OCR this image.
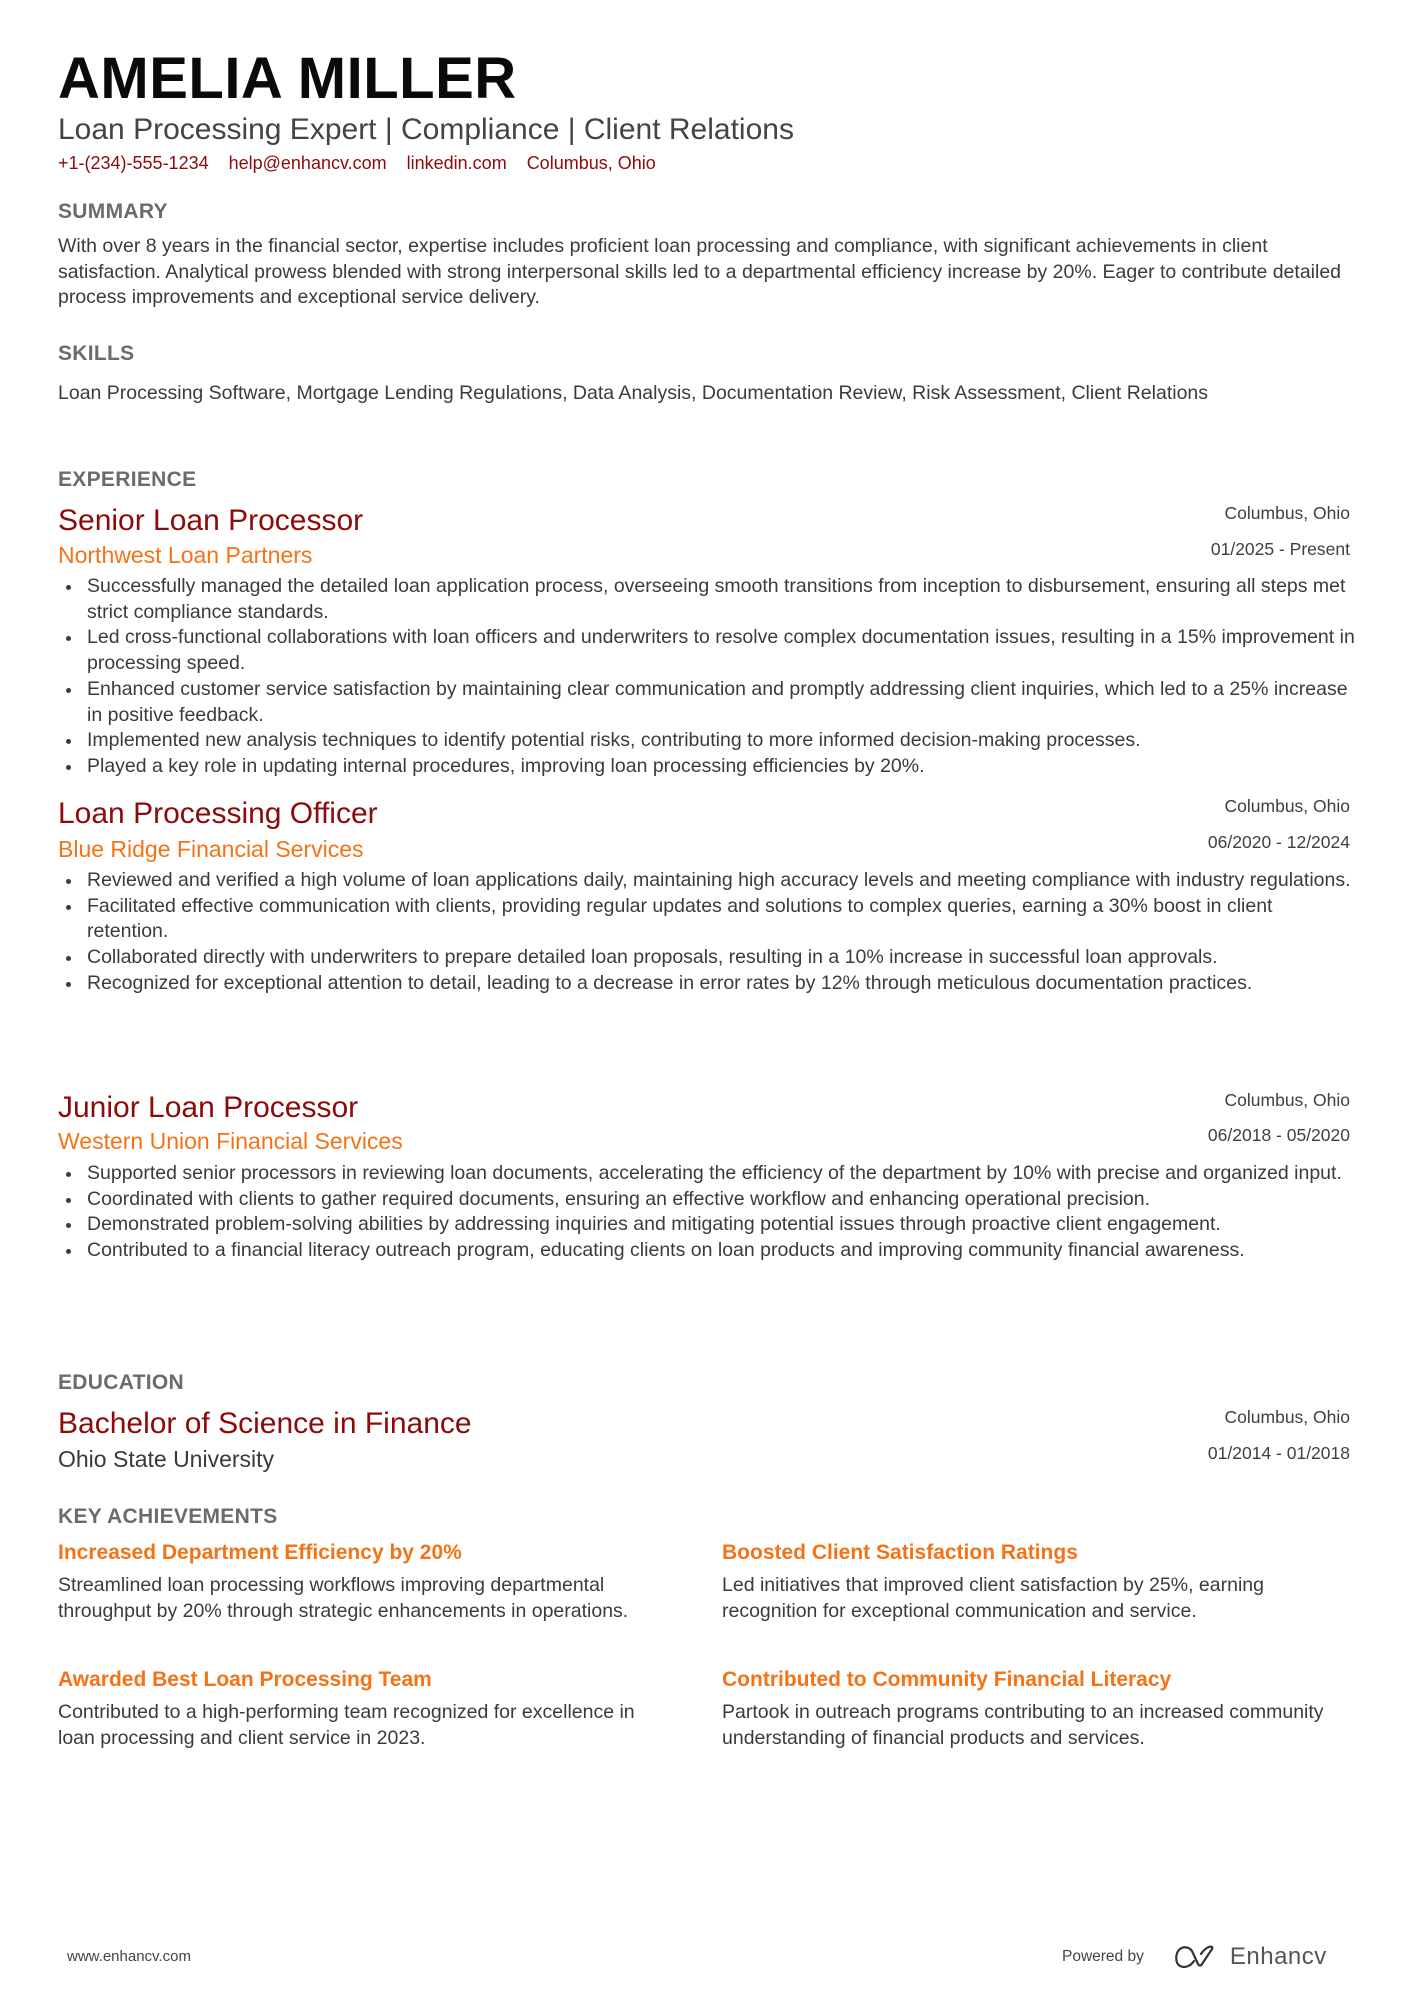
AMELIA MILLER
Loan Processing Expert | Compliance | Client Relations
+1-(234)-555-1234 help@enhancv.com linkedin.com Columbus, Ohio
SUMMARY
With over 8 years in the financial sector, expertise includes proficient loan processing and compliance, with significant achievements in client satisfaction. Analytical prowess blended with strong interpersonal skills led to a departmental efficiency increase by 20%. Eager to contribute detailed process improvements and exceptional service delivery.
SKILLS
Loan Processing Software, Mortgage Lending Regulations, Data Analysis, Documentation Review, Risk Assessment, Client Relations
EXPERIENCE
Senior Loan Processor
Northwest Loan Partners
Columbus, Ohio
01/2025 - Present
Successfully managed the detailed loan application process, overseeing smooth transitions from inception to disbursement, ensuring all steps met strict compliance standards.
Led cross-functional collaborations with loan officers and underwriters to resolve complex documentation issues, resulting in a 15% improvement in processing speed.
Enhanced customer service satisfaction by maintaining clear communication and promptly addressing client inquiries, which led to a 25% increase in positive feedback.
Implemented new analysis techniques to identify potential risks, contributing to more informed decision-making processes.
Played a key role in updating internal procedures, improving loan processing efficiencies by 20%.
Loan Processing Officer
Blue Ridge Financial Services
Columbus, Ohio
06/2020 - 12/2024
Reviewed and verified a high volume of loan applications daily, maintaining high accuracy levels and meeting compliance with industry regulations.
Facilitated effective communication with clients, providing regular updates and solutions to complex queries, earning a 30% boost in client retention.
Collaborated directly with underwriters to prepare detailed loan proposals, resulting in a 10% increase in successful loan approvals.
Recognized for exceptional attention to detail, leading to a decrease in error rates by 12% through meticulous documentation practices.
Junior Loan Processor
Western Union Financial Services
Columbus, Ohio
06/2018 - 05/2020
Supported senior processors in reviewing loan documents, accelerating the efficiency of the department by 10% with precise and organized input.
Coordinated with clients to gather required documents, ensuring an effective workflow and enhancing operational precision.
Demonstrated problem-solving abilities by addressing inquiries and mitigating potential issues through proactive client engagement.
Contributed to a financial literacy outreach program, educating clients on loan products and improving community financial awareness.
EDUCATION
Bachelor of Science in Finance
Ohio State University
Columbus, Ohio
01/2014 - 01/2018
KEY ACHIEVEMENTS
Increased Department Efficiency by 20%
Streamlined loan processing workflows improving departmental throughput by 20% through strategic enhancements in operations.
Boosted Client Satisfaction Ratings
Led initiatives that improved client satisfaction by 25%, earning recognition for exceptional communication and service.
Awarded Best Loan Processing Team
Contributed to a high-performing team recognized for excellence in loan processing and client service in 2023.
Contributed to Community Financial Literacy
Partook in outreach programs contributing to an increased community understanding of financial products and services.
www.enhancv.com	Powered by	Enhancv
